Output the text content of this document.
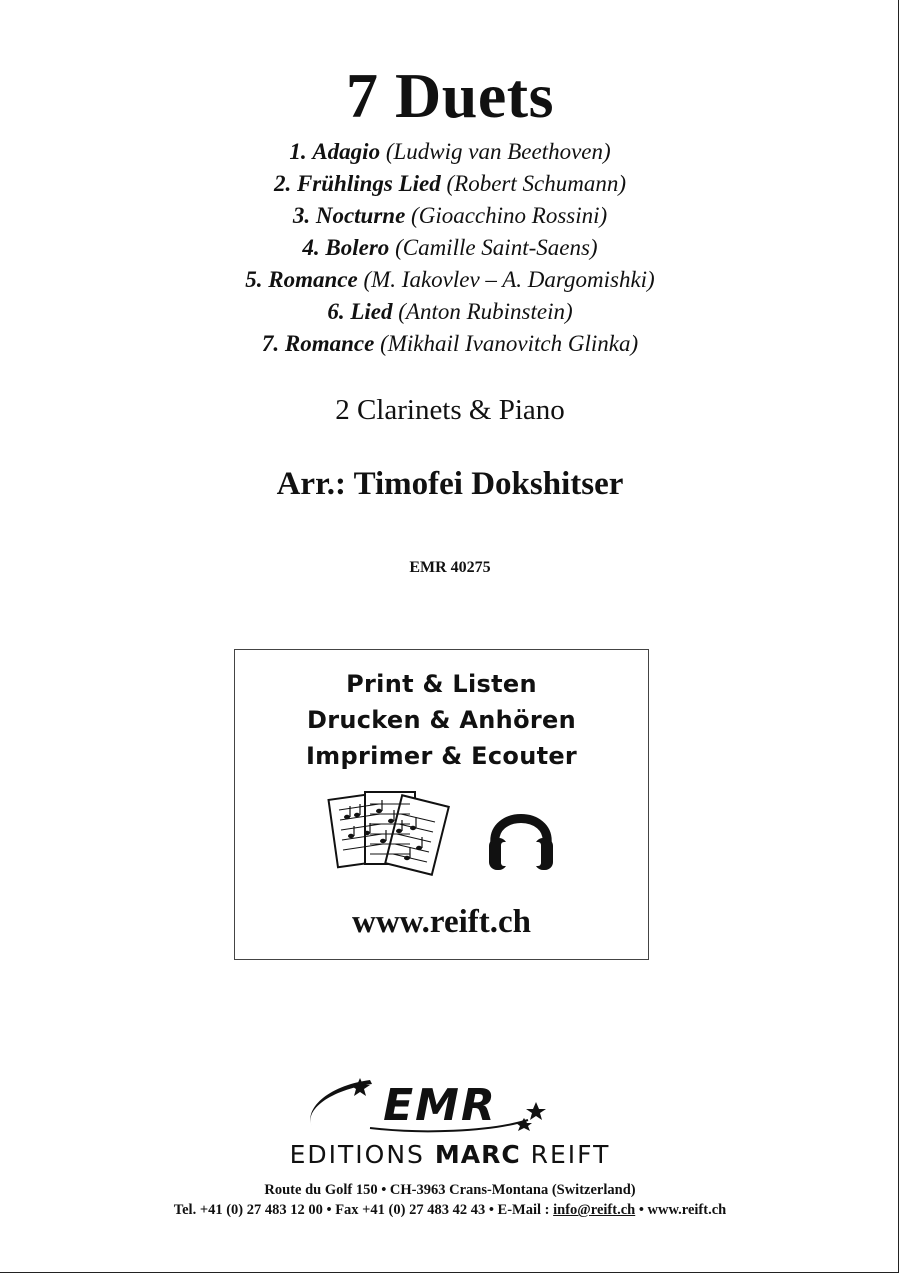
7 Duets
1. Adagio (Ludwig van Beethoven)
2. Frühlings Lied (Robert Schumann)
3. Nocturne (Gioacchino Rossini)
4. Bolero (Camille Saint-Saens)
5. Romance (M. Iakovlev – A. Dargomishki)
6. Lied (Anton Rubinstein)
7. Romance (Mikhail Ivanovitch Glinka)
2 Clarinets & Piano
Arr.: Timofei Dokshitser
EMR 40275
Print & Listen
Drucken & Anhören
Imprimer & Ecouter
www.reift.ch
EMR
EDITIONS MARC REIFT
Route du Golf 150 • CH-3963 Crans-Montana (Switzerland)
Tel. +41 (0) 27 483 12 00 • Fax +41 (0) 27 483 42 43 • E-Mail : info@reift.ch • www.reift.ch
